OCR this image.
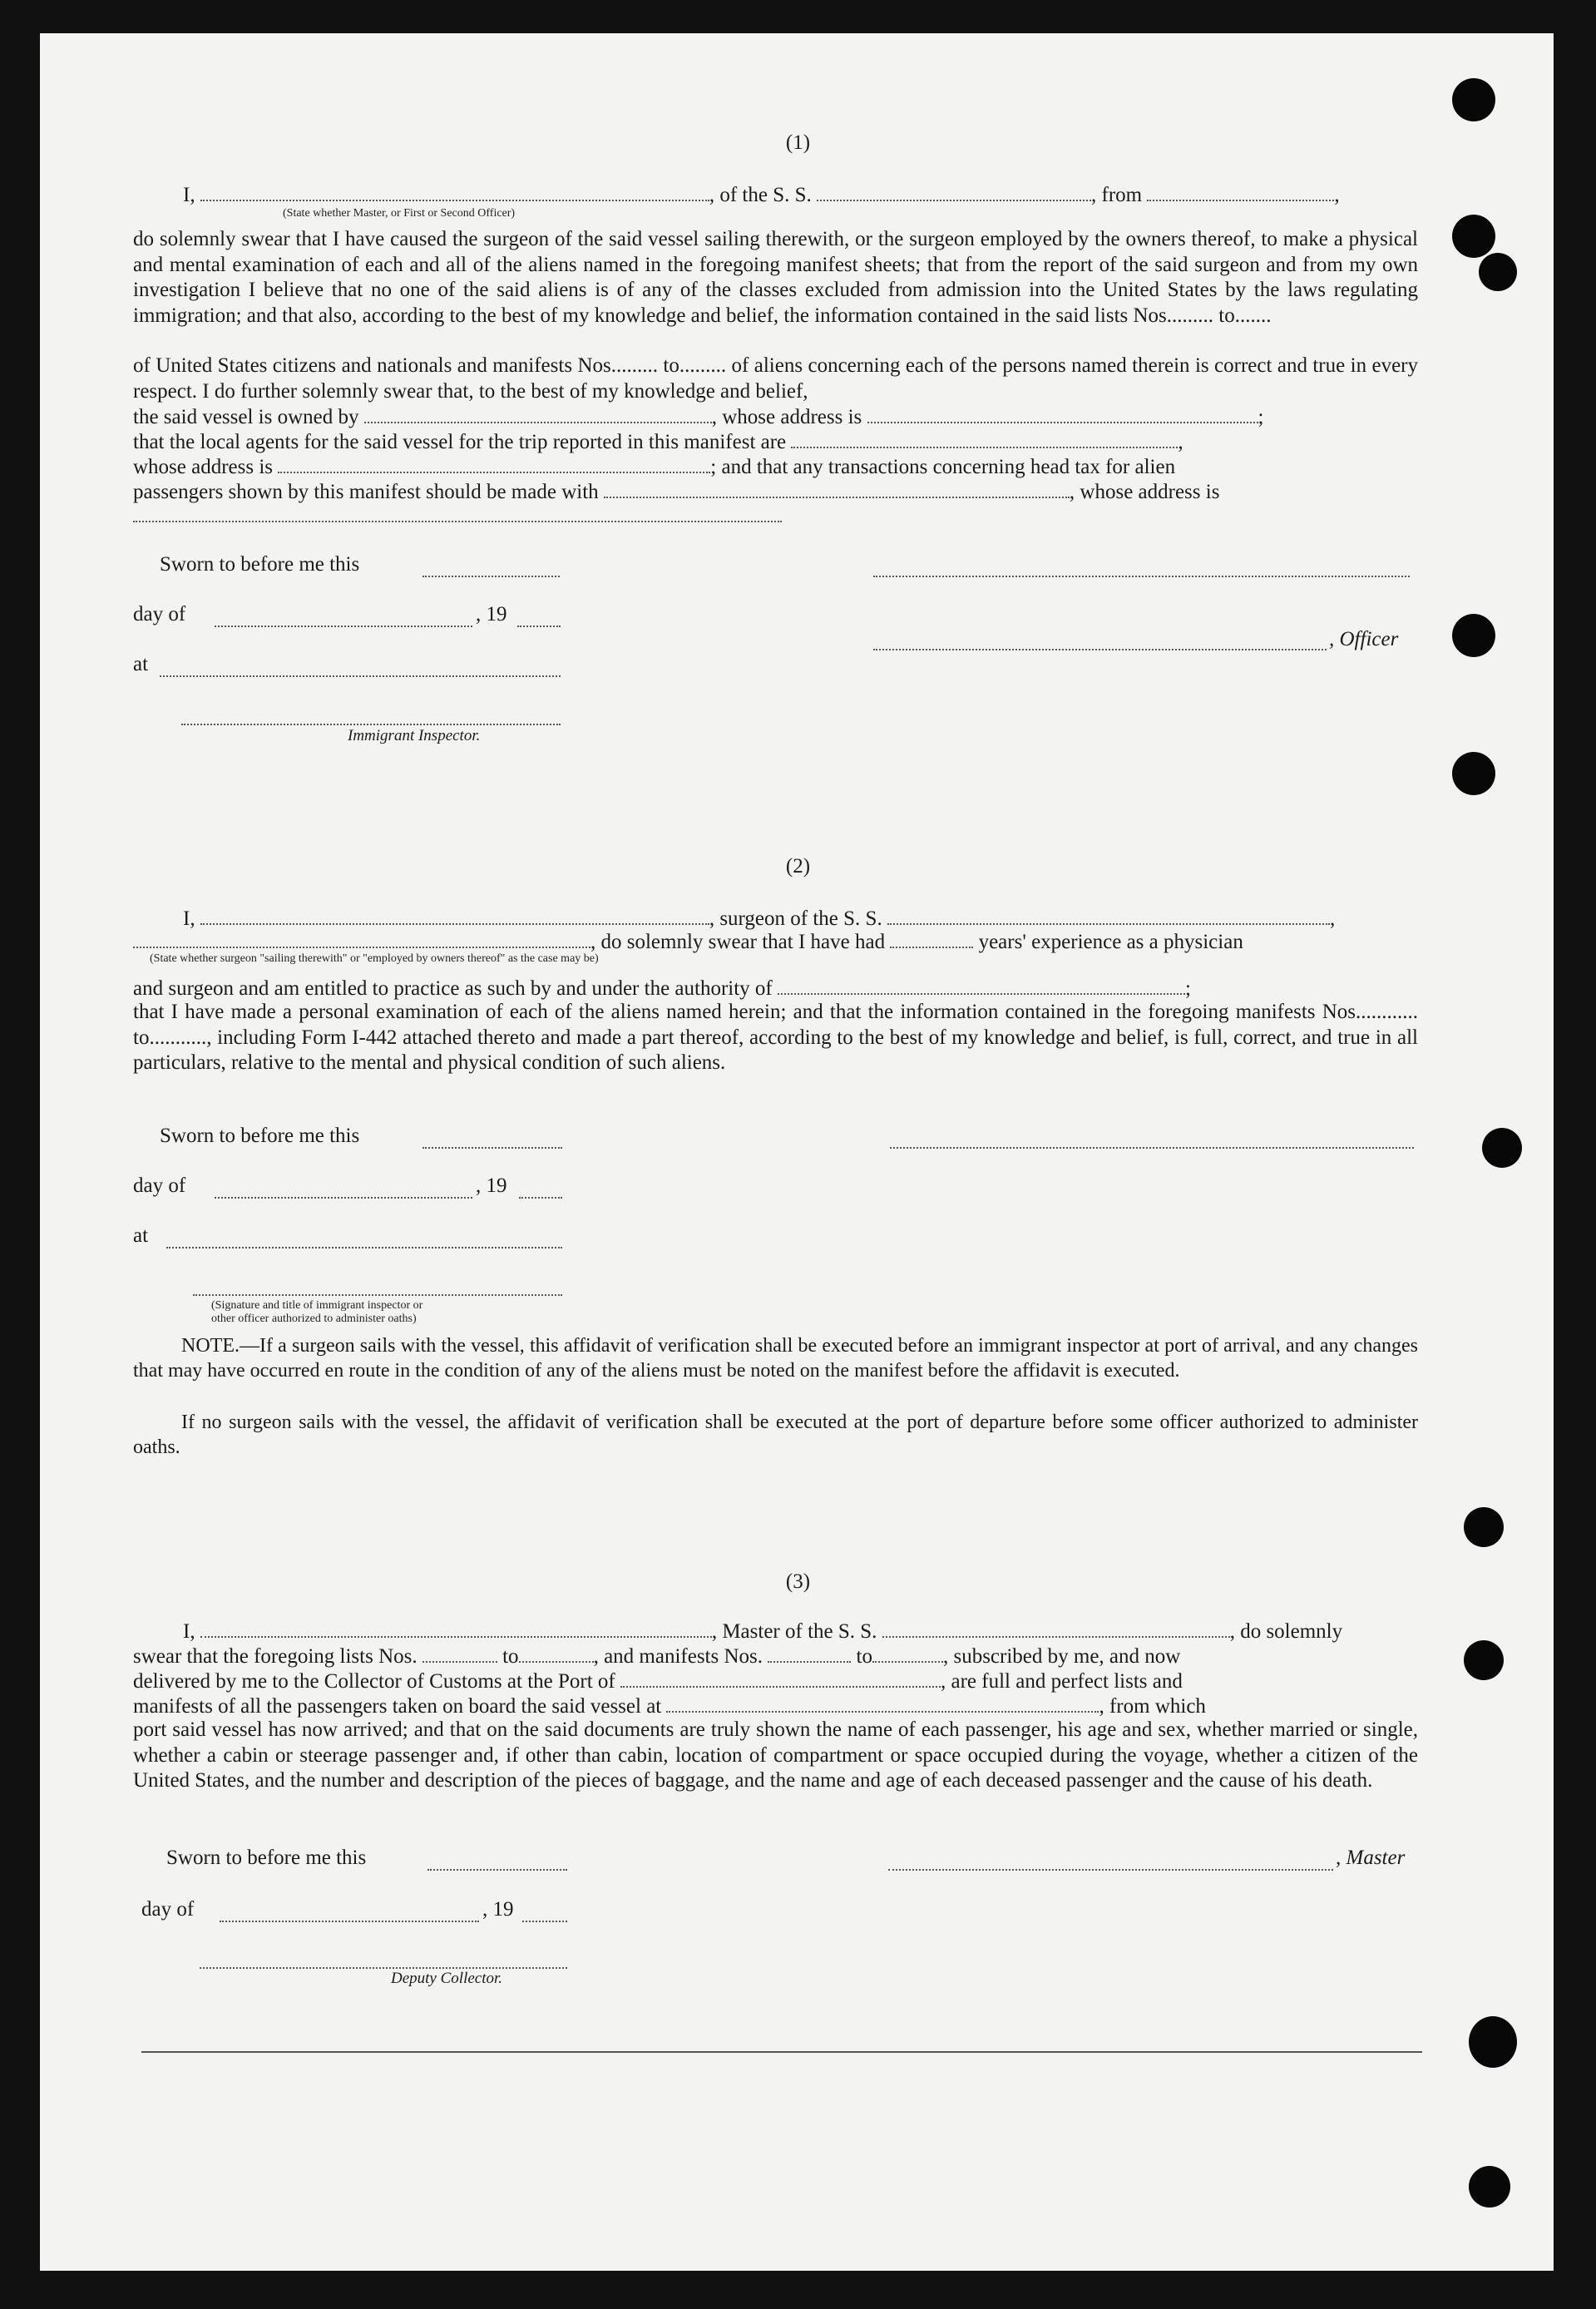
(1)
I,	, of the S. S.	, from	,
(State whether Master, or First or Second Officer)
do solemnly swear that I have caused the surgeon of the said vessel sailing therewith, or the surgeon employed by the owners thereof, to make a physical and mental examination of each and all of the aliens named in the foregoing manifest sheets; that from the report of the said surgeon and from my own investigation I believe that no one of the said aliens is of any of the classes excluded from admission into the United States by the laws regulating immigration; and that also, according to the best of my knowledge and belief, the information contained in the said lists Nos......... to.......
of United States citizens and nationals and manifests Nos......... to......... of aliens concerning each of the persons named therein is correct and true in every respect. I do further solemnly swear that, to the best of my knowledge and belief,
the said vessel is owned by	, whose address is	;
that the local agents for the said vessel for the trip reported in this manifest are	,
whose address is	; and that any transactions concerning head tax for alien
passengers shown by this manifest should be made with	, whose address is
Sworn to before me this
day of	, 19
, Officer
at
Immigrant Inspector.
(2)
I,	, surgeon of the S. S.	,
, do solemnly swear that I have had	years' experience as a physician
(State whether surgeon "sailing therewith" or "employed by owners thereof" as the case may be)
and surgeon and am entitled to practice as such by and under the authority of	;
that I have made a personal examination of each of the aliens named herein; and that the information contained in the foregoing manifests Nos............ to..........., including Form I-442 attached thereto and made a part thereof, according to the best of my knowledge and belief, is full, correct, and true in all particulars, relative to the mental and physical condition of such aliens.
Sworn to before me this
day of	, 19
at
(Signature and title of immigrant inspector or
other officer authorized to administer oaths)
NOTE.—If a surgeon sails with the vessel, this affidavit of verification shall be executed before an immigrant inspector at port of arrival, and any changes that may have occurred en route in the condition of any of the aliens must be noted on the manifest before the affidavit is executed.
If no surgeon sails with the vessel, the affidavit of verification shall be executed at the port of departure before some officer authorized to administer oaths.
(3)
I,	, Master of the S. S.	, do solemnly
swear that the foregoing lists Nos.	to	, and manifests Nos.	to	, subscribed by me, and now
delivered by me to the Collector of Customs at the Port of	, are full and perfect lists and
manifests of all the passengers taken on board the said vessel at	, from which
port said vessel has now arrived; and that on the said documents are truly shown the name of each passenger, his age and sex, whether married or single, whether a cabin or steerage passenger and, if other than cabin, location of compartment or space occupied during the voyage, whether a citizen of the United States, and the number and description of the pieces of baggage, and the name and age of each deceased passenger and the cause of his death.
Sworn to before me this	, Master
day of	, 19
Deputy Collector.
